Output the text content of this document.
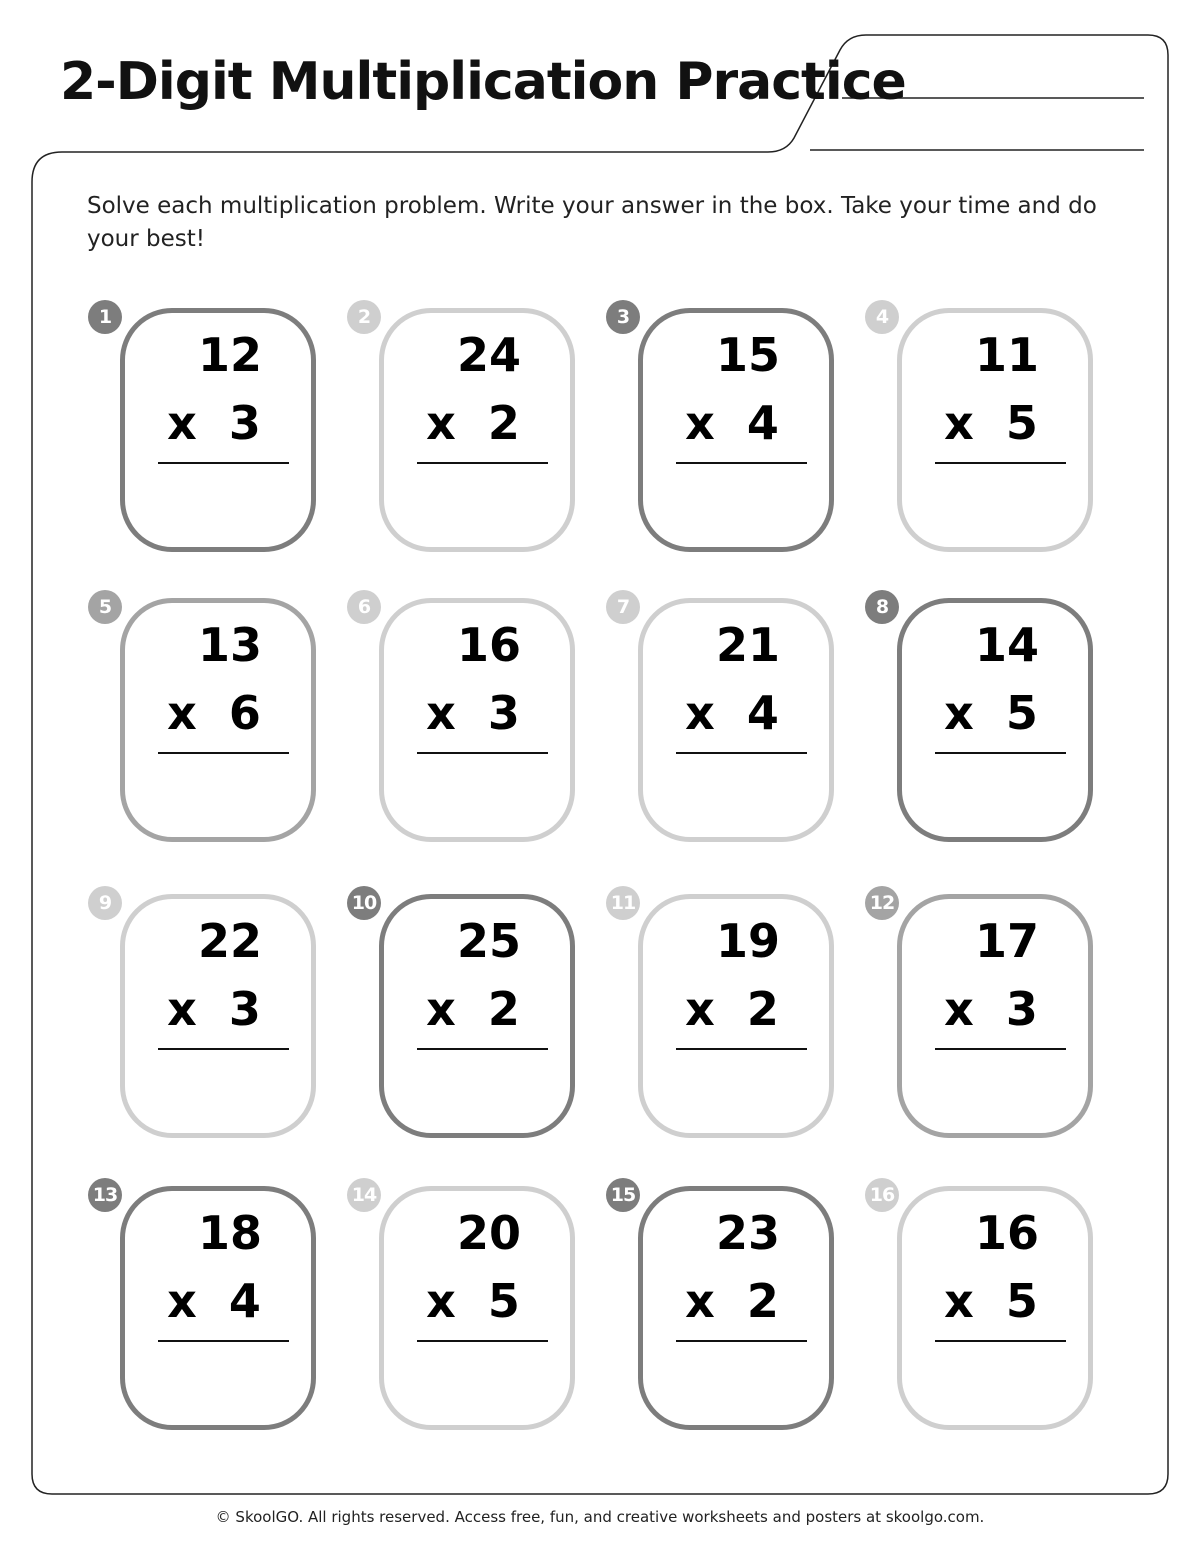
2-Digit Multiplication Practice

Solve each multiplication problem. Write your answer in the box. Take your time and do your best!

1
12
x  3
2
24
x  2
3
15
x  4
4
11
x  5
5
13
x  6
6
16
x  3
7
21
x  4
8
14
x  5
9
22
x  3
10
25
x  2
11
19
x  2
12
17
x  3
13
18
x  4
14
20
x  5
15
23
x  2
16
16
x  5

© SkoolGO. All rights reserved. Access free, fun, and creative worksheets and posters at skoolgo.com.
